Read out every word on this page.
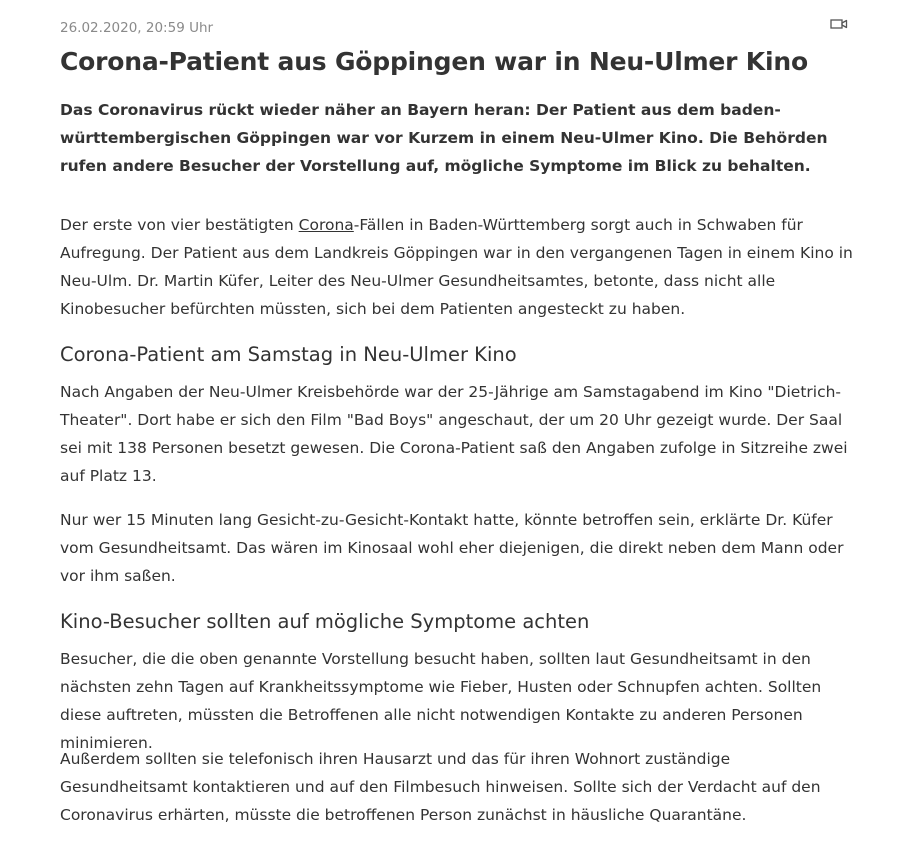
26.02.2020, 20:59 Uhr
Corona-Patient aus Göppingen war in Neu-Ulmer Kino

Das Coronavirus rückt wieder näher an Bayern heran: Der Patient aus dem baden-württembergischen Göppingen war vor Kurzem in einem Neu-Ulmer Kino. Die Behörden rufen andere Besucher der Vorstellung auf, mögliche Symptome im Blick zu behalten.

Der erste von vier bestätigten Corona-Fällen in Baden-Württemberg sorgt auch in Schwaben für Aufregung. Der Patient aus dem Landkreis Göppingen war in den vergangenen Tagen in einem Kino in Neu-Ulm. Dr. Martin Küfer, Leiter des Neu-Ulmer Gesundheitsamtes, betonte, dass nicht alle Kinobesucher befürchten müssten, sich bei dem Patienten angesteckt zu haben.

Corona-Patient am Samstag in Neu-Ulmer Kino

Nach Angaben der Neu-Ulmer Kreisbehörde war der 25-Jährige am Samstagabend im Kino "Dietrich-Theater". Dort habe er sich den Film "Bad Boys" angeschaut, der um 20 Uhr gezeigt wurde. Der Saal sei mit 138 Personen besetzt gewesen. Die Corona-Patient saß den Angaben zufolge in Sitzreihe zwei auf Platz 13.

Nur wer 15 Minuten lang Gesicht-zu-Gesicht-Kontakt hatte, könnte betroffen sein, erklärte Dr. Küfer vom Gesundheitsamt. Das wären im Kinosaal wohl eher diejenigen, die direkt neben dem Mann oder vor ihm saßen.

Kino-Besucher sollten auf mögliche Symptome achten

Besucher, die die oben genannte Vorstellung besucht haben, sollten laut Gesundheitsamt in den nächsten zehn Tagen auf Krankheitssymptome wie Fieber, Husten oder Schnupfen achten. Sollten diese auftreten, müssten die Betroffenen alle nicht notwendigen Kontakte zu anderen Personen minimieren.

Außerdem sollten sie telefonisch ihren Hausarzt und das für ihren Wohnort zuständige Gesundheitsamt kontaktieren und auf den Filmbesuch hinweisen. Sollte sich der Verdacht auf den Coronavirus erhärten, müsste die betroffenen Person zunächst in häusliche Quarantäne.
